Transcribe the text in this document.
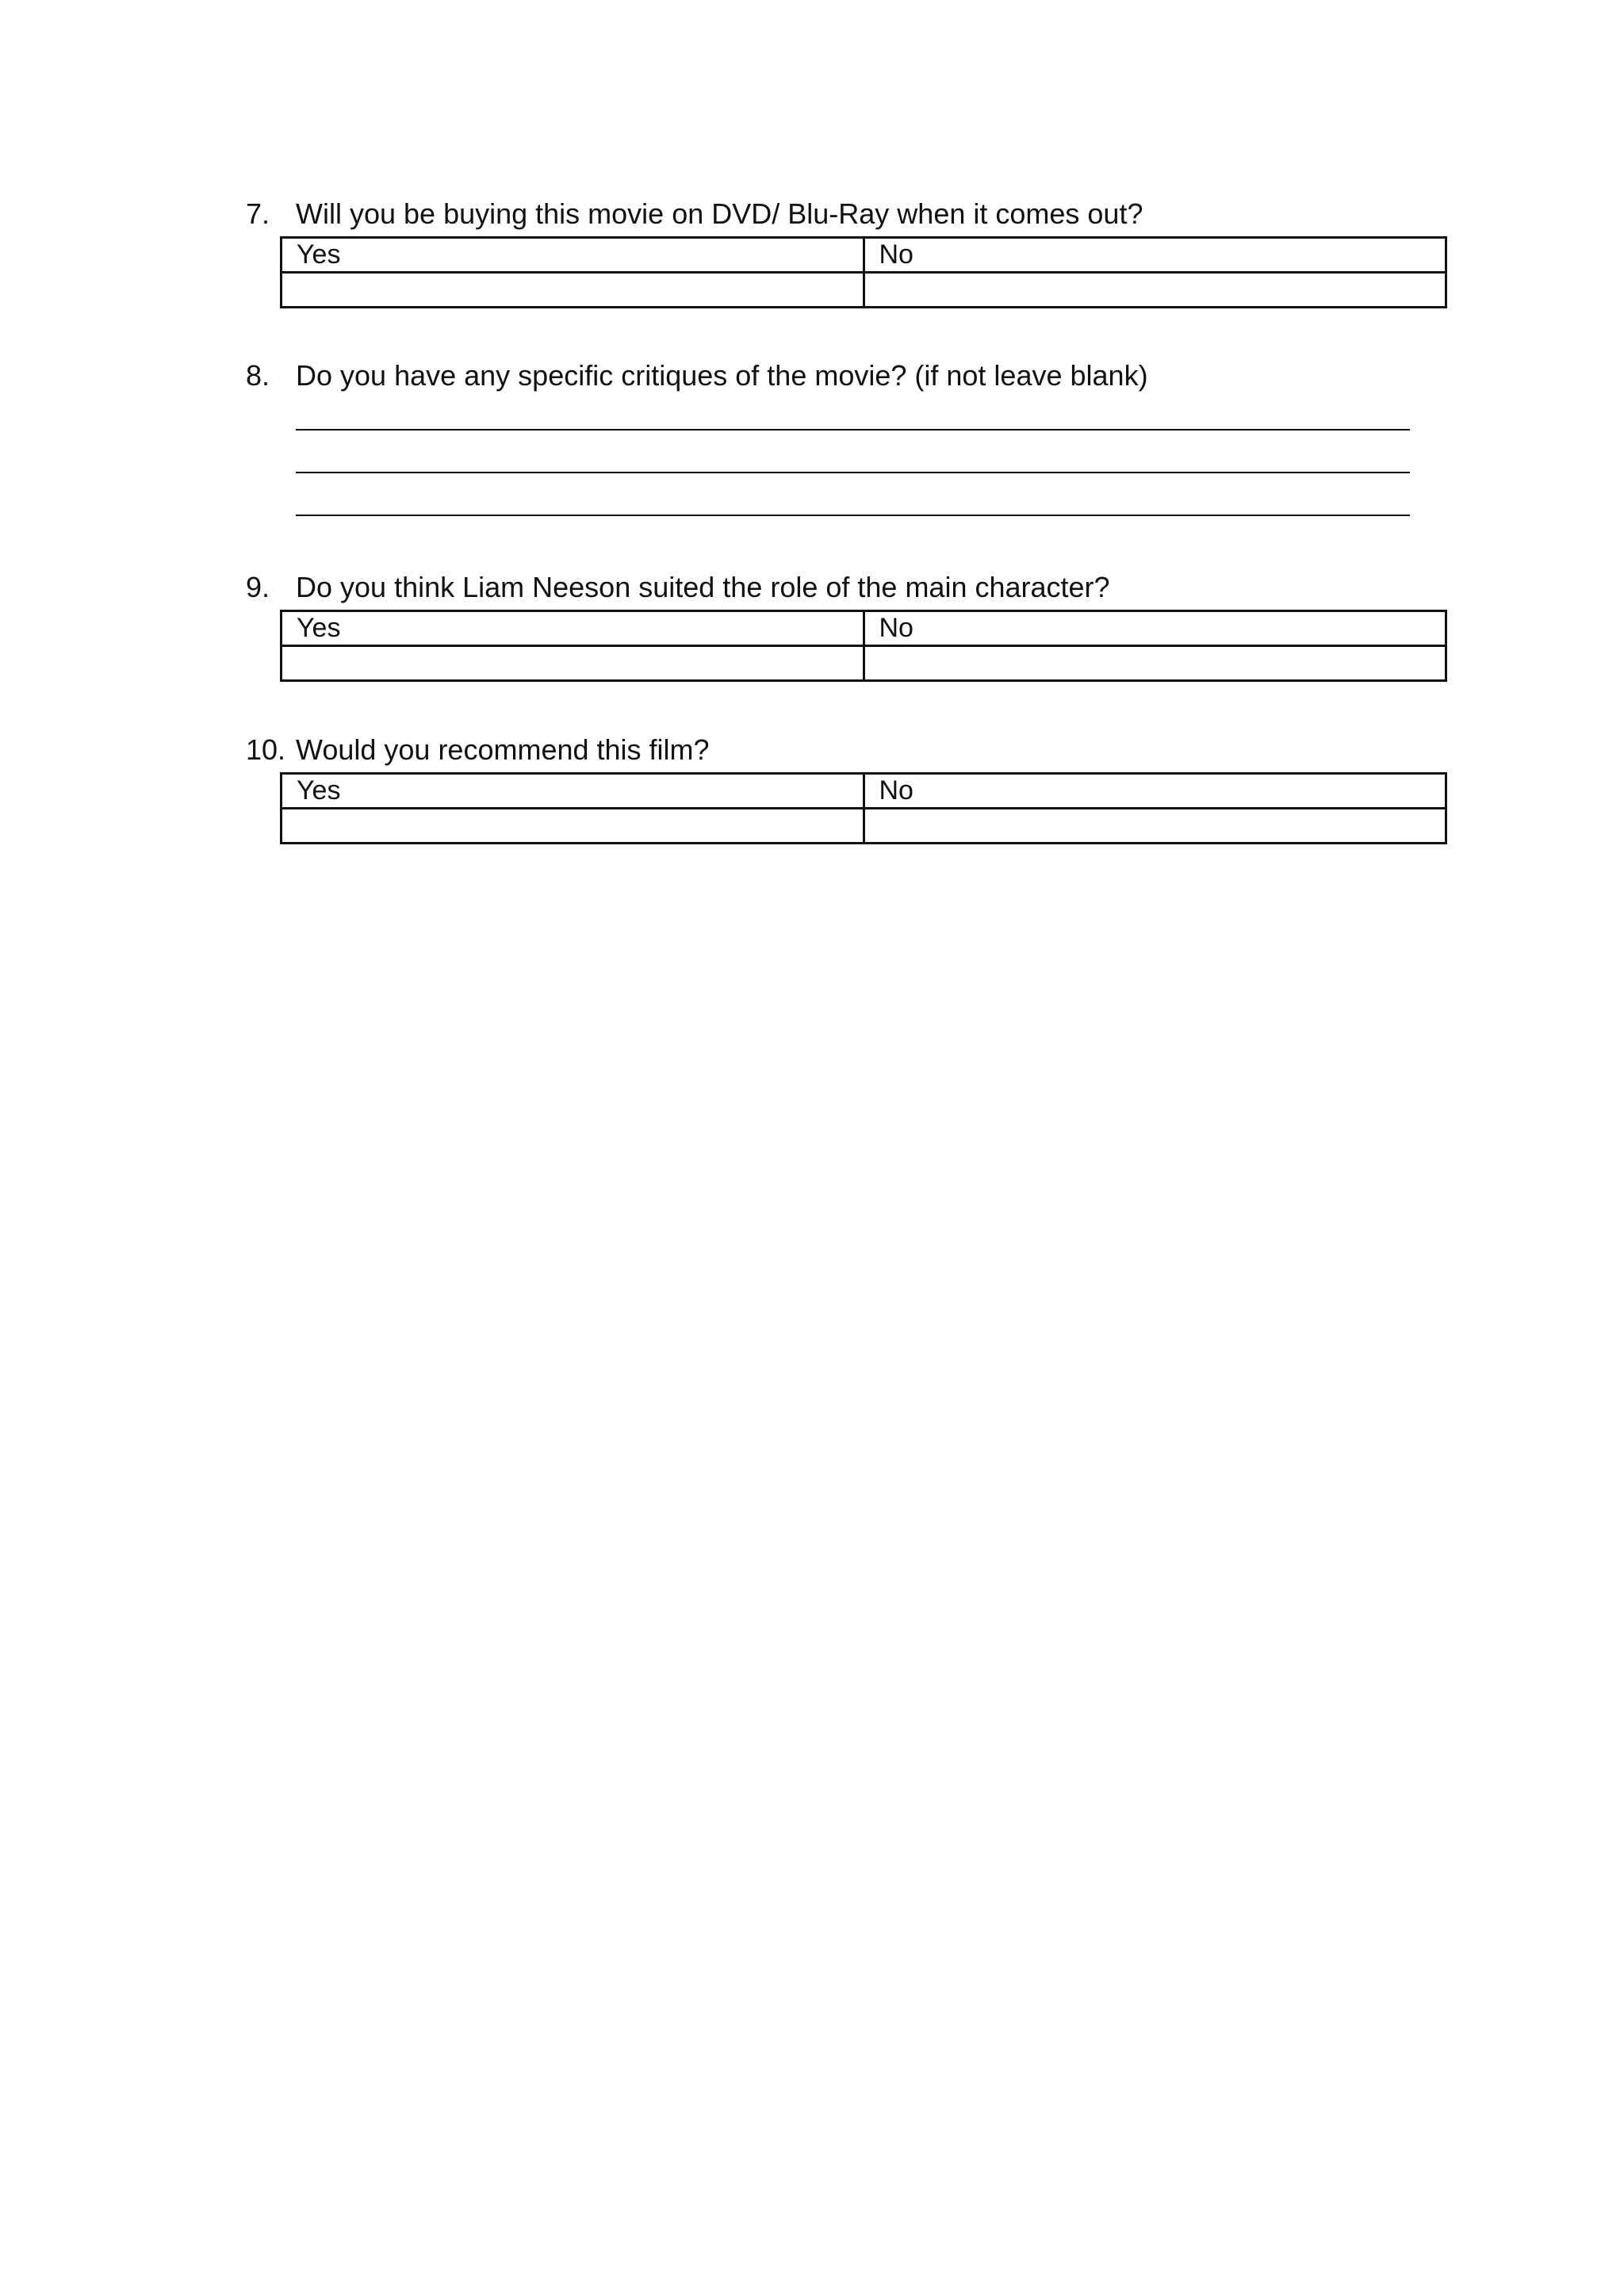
7. Will you be buying this movie on DVD/ Blu-Ray when it comes out?
Yes	No

8. Do you have any specific critiques of the movie? (if not leave blank)
9. Do you think Liam Neeson suited the role of the main character?
Yes	No

10. Would you recommend this film?
Yes	No
